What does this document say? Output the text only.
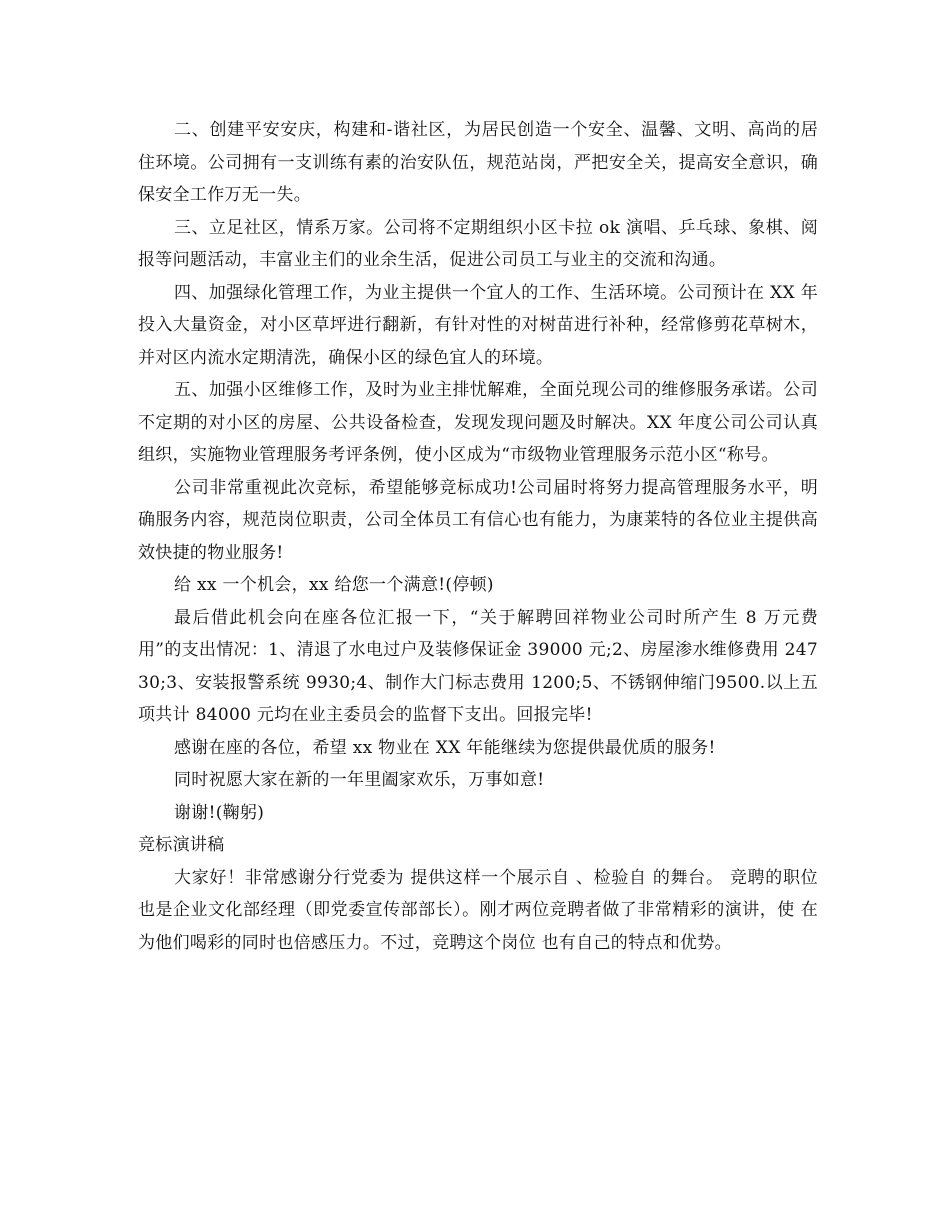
二、创建平安安庆，构建和-谐社区，为居民创造一个安全、温馨、文明、高尚的居住环境。公司拥有一支训练有素的治安队伍，规范站岗，严把安全关，提高安全意识，确保安全工作万无一失。

三、立足社区，情系万家。公司将不定期组织小区卡拉 ok 演唱、乒乓球、象棋、阅报等问题活动，丰富业主们的业余生活，促进公司员工与业主的交流和沟通。

四、加强绿化管理工作，为业主提供一个宜人的工作、生活环境。公司预计在 XX 年投入大量资金，对小区草坪进行翻新，有针对性的对树苗进行补种，经常修剪花草树木，并对区内流水定期清洗，确保小区的绿色宜人的环境。

五、加强小区维修工作，及时为业主排忧解难，全面兑现公司的维修服务承诺。公司不定期的对小区的房屋、公共设备检查，发现发现问题及时解决。XX 年度公司公司认真组织，实施物业管理服务考评条例，使小区成为“市级物业管理服务示范小区“称号。

公司非常重视此次竞标，希望能够竞标成功!公司届时将努力提高管理服务水平，明确服务内容，规范岗位职责，公司全体员工有信心也有能力，为康莱特的各位业主提供高效快捷的物业服务!

给 xx 一个机会，xx 给您一个满意!(停顿)

最后借此机会向在座各位汇报一下，“关于解聘回祥物业公司时所产生 8 万元费用”的支出情况：1、清退了水电过户及装修保证金 39000 元;2、房屋渗水维修费用 24730;3、安装报警系统 9930;4、制作大门标志费用 1200;5、不锈钢伸缩门9500.以上五项共计 84000 元均在业主委员会的监督下支出。回报完毕!

感谢在座的各位，希望 xx 物业在 XX 年能继续为您提供最优质的服务!

同时祝愿大家在新的一年里阖家欢乐，万事如意!

谢谢!(鞠躬)

竞标演讲稿

大家好！非常感谢分行党委为 提供这样一个展示自 、检验自 的舞台。 竞聘的职位也是企业文化部经理（即党委宣传部部长）。刚才两位竞聘者做了非常精彩的演讲，使 在为他们喝彩的同时也倍感压力。不过，竞聘这个岗位 也有自己的特点和优势。
